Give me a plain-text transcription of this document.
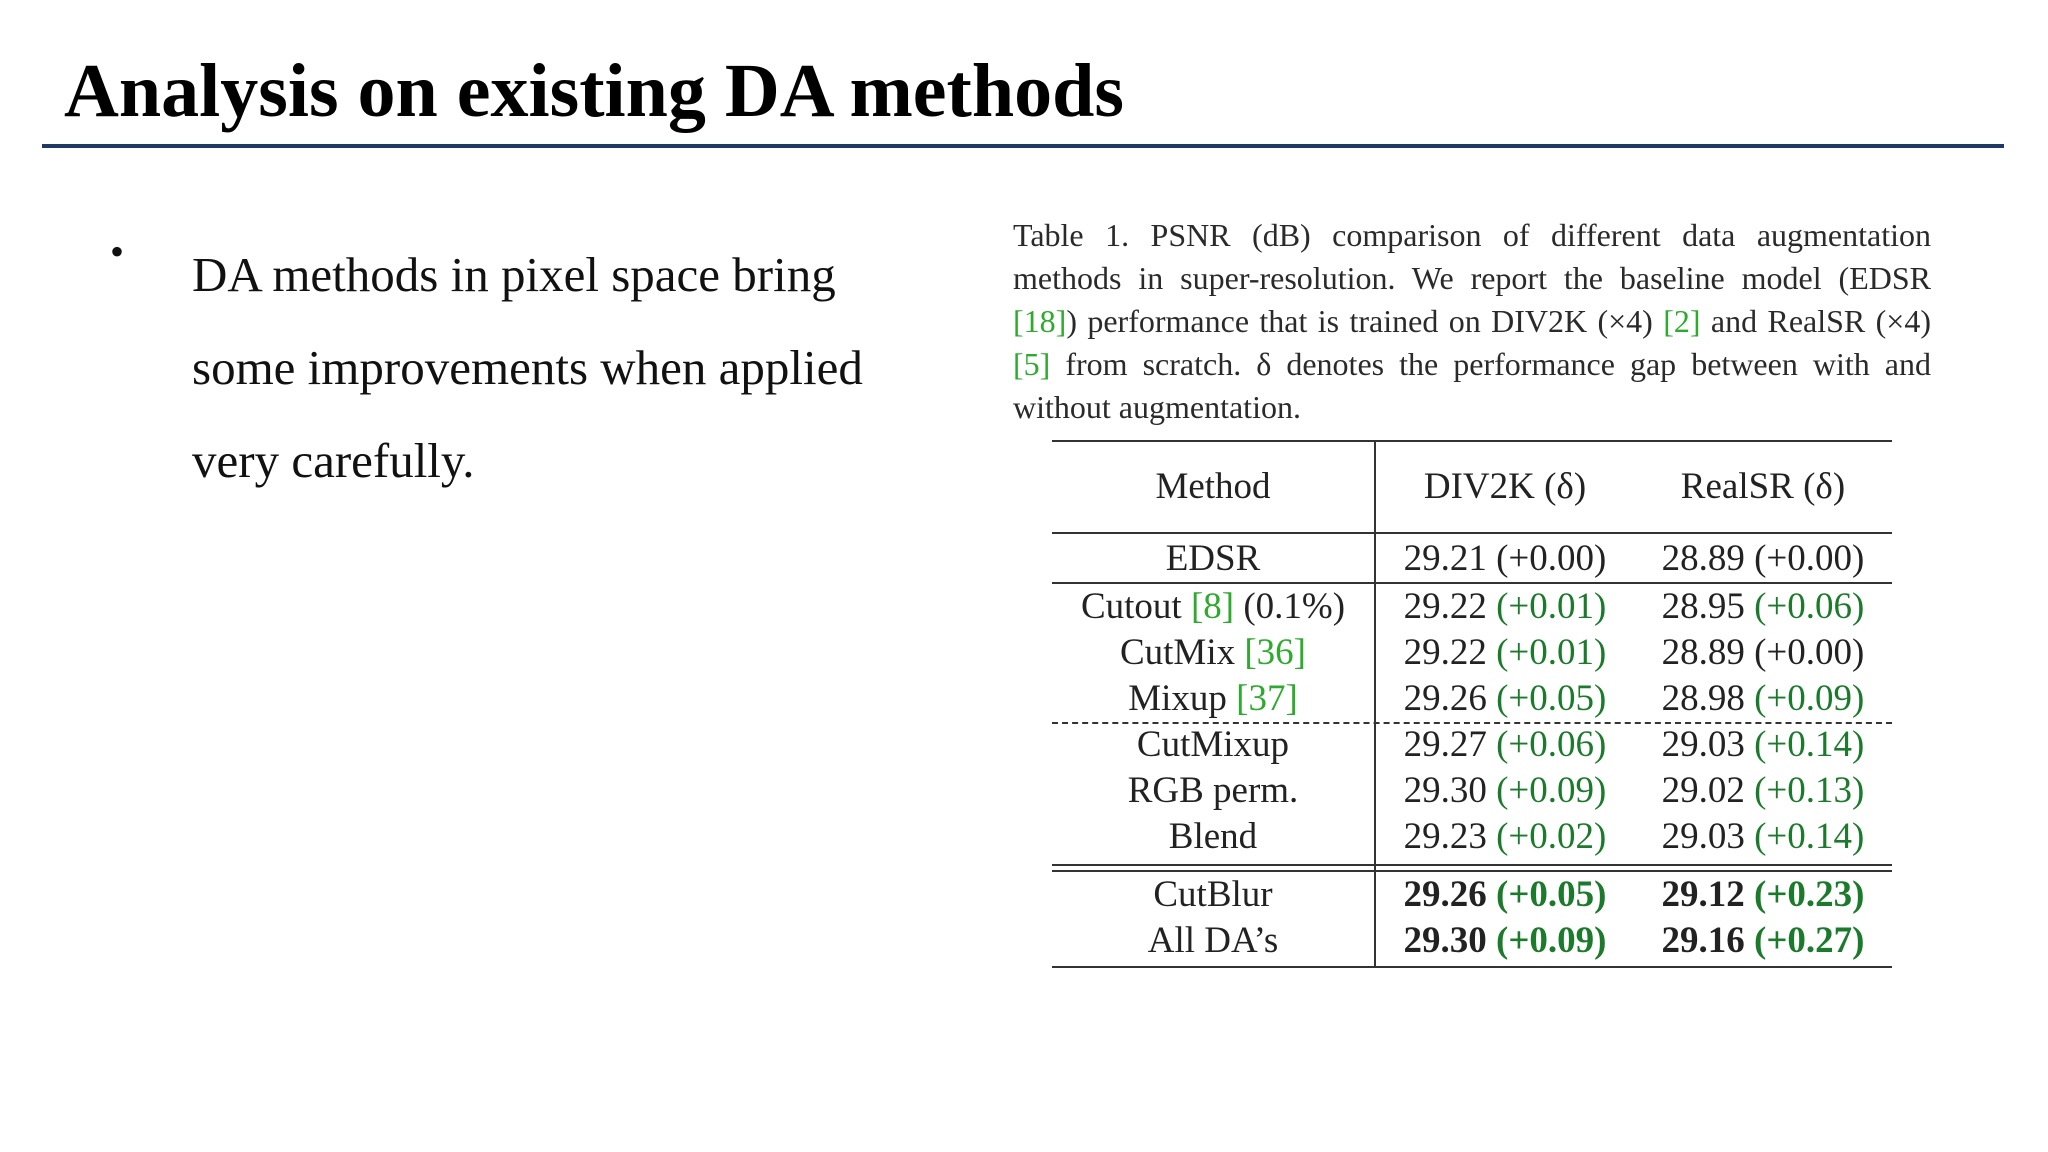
Analysis on existing DA methods
• DA methods in pixel space bring some improvements when applied very carefully.

Table 1. PSNR (dB) comparison of different data augmentation methods in super-resolution. We report the baseline model (EDSR [18]) performance that is trained on DIV2K (×4) [2] and RealSR (×4) [5] from scratch. δ denotes the performance gap between with and without augmentation.

Method	DIV2K (δ)	RealSR (δ)
EDSR	29.21 (+0.00)	28.89 (+0.00)
Cutout [8] (0.1%)	29.22 (+0.01)	28.95 (+0.06)
CutMix [36]	29.22 (+0.01)	28.89 (+0.00)
Mixup [37]	29.26 (+0.05)	28.98 (+0.09)
CutMixup	29.27 (+0.06)	29.03 (+0.14)
RGB perm.	29.30 (+0.09)	29.02 (+0.13)
Blend	29.23 (+0.02)	29.03 (+0.14)
CutBlur	29.26 (+0.05)	29.12 (+0.23)
All DA’s	29.30 (+0.09)	29.16 (+0.27)
